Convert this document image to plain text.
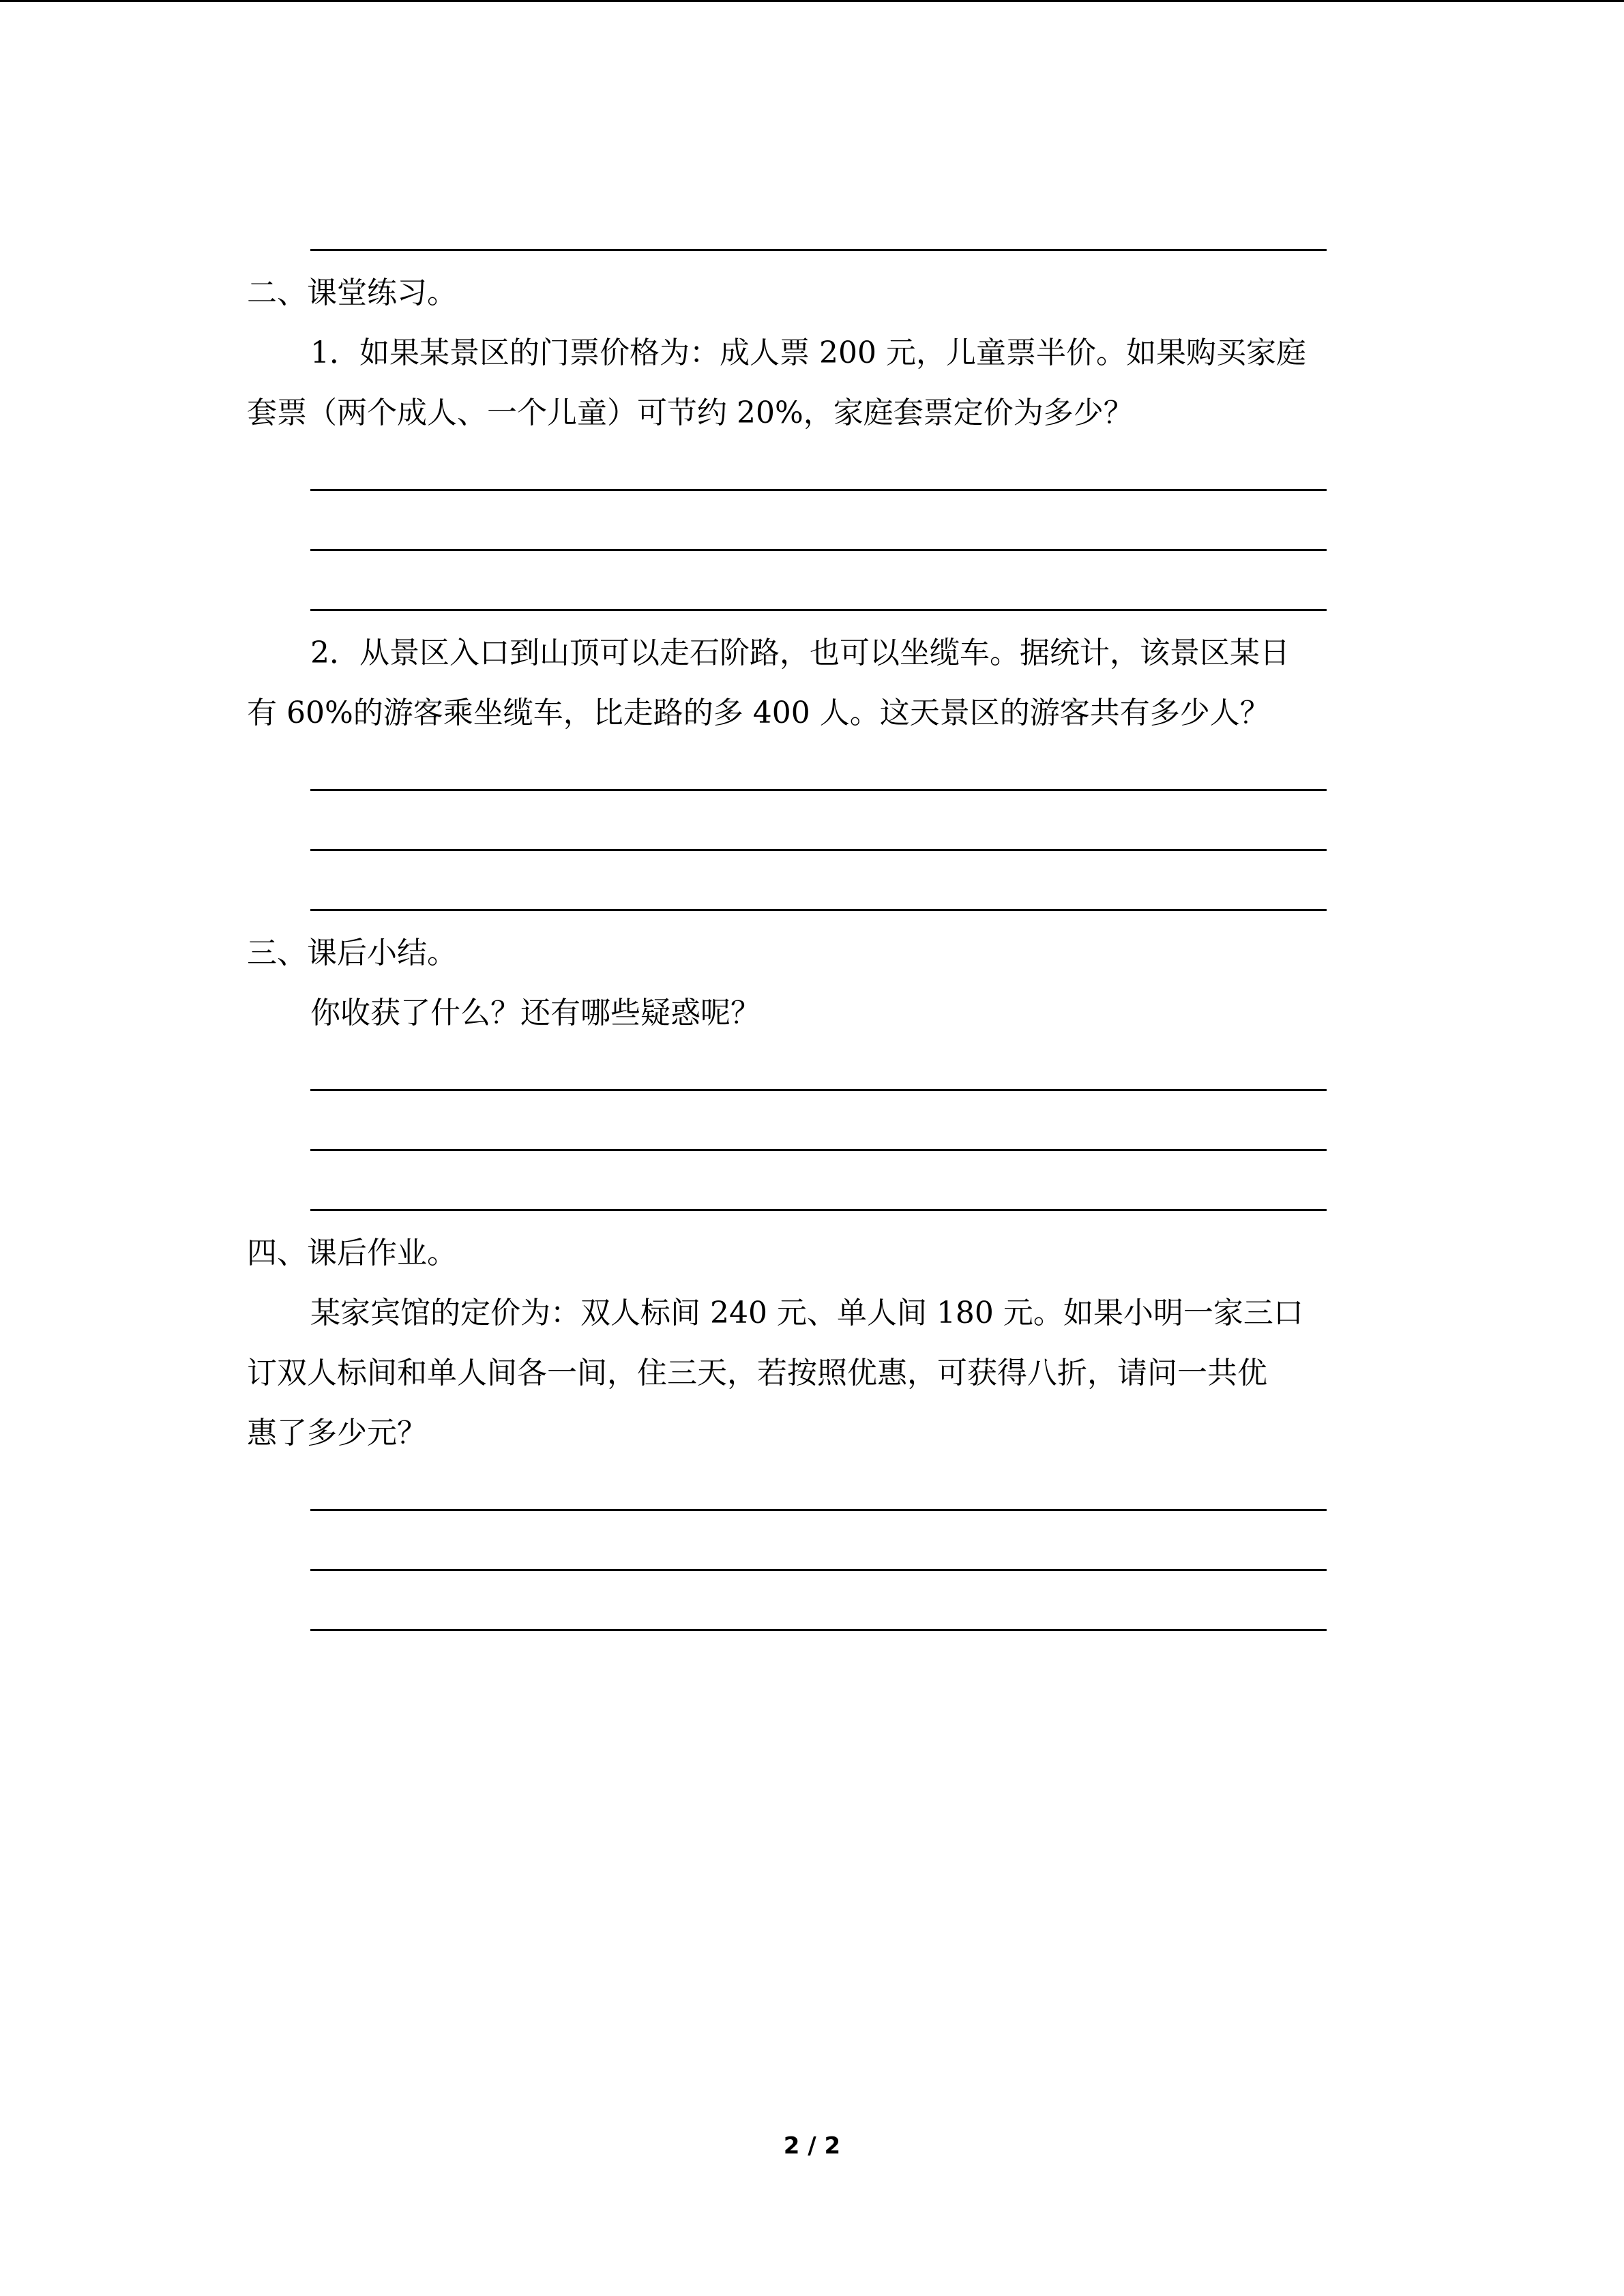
二、课堂练习。
1．如果某景区的门票价格为：成人票 200 元，儿童票半价。如果购买家庭
套票（两个成人、一个儿童）可节约 20%，家庭套票定价为多少？
2．从景区入口到山顶可以走石阶路，也可以坐缆车。据统计，该景区某日
有 60%的游客乘坐缆车，比走路的多 400 人。这天景区的游客共有多少人？
三、课后小结。
你收获了什么？还有哪些疑惑呢？
四、课后作业。
某家宾馆的定价为：双人标间 240 元、单人间 180 元。如果小明一家三口
订双人标间和单人间各一间，住三天，若按照优惠，可获得八折，请问一共优
惠了多少元？
2 / 2
